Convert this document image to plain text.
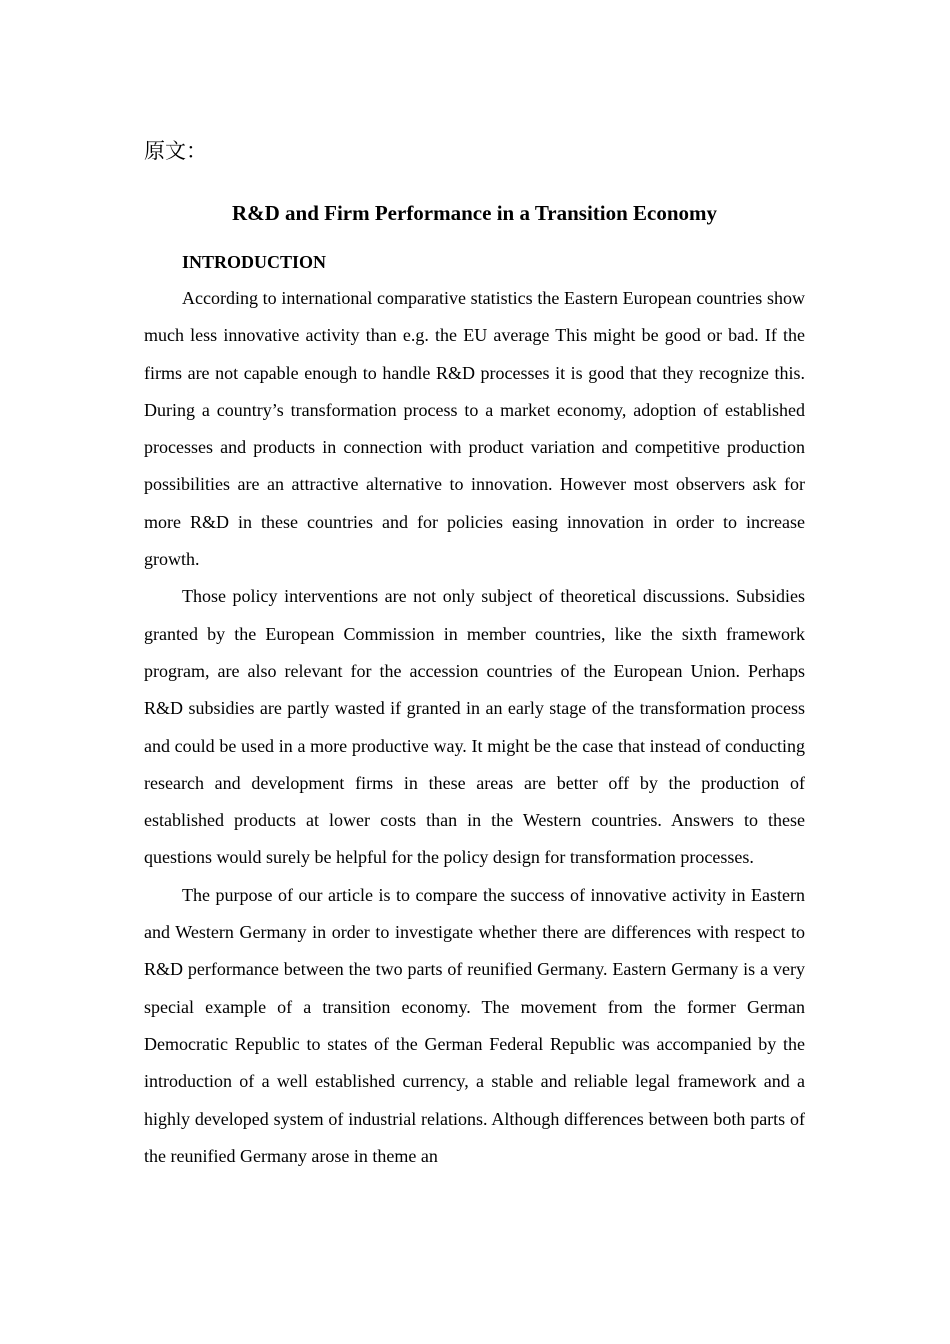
原文：
R&D and Firm Performance in a Transition Economy
INTRODUCTION

According to international comparative statistics the Eastern European countries show much less innovative activity than e.g. the EU average This might be good or bad. If the firms are not capable enough to handle R&D processes it is good that they recognize this. During a country’s transformation process to a market economy, adoption of established processes and products in connection with product variation and competitive production possibilities are an attractive alternative to innovation. However most observers ask for more R&D in these countries and for policies easing innovation in order to increase growth.

Those policy interventions are not only subject of theoretical discussions. Subsidies granted by the European Commission in member countries, like the sixth framework program, are also relevant for the accession countries of the European Union. Perhaps R&D subsidies are partly wasted if granted in an early stage of the transformation process and could be used in a more productive way. It might be the case that instead of conducting research and development firms in these areas are better off by the production of established products at lower costs than in the Western countries. Answers to these questions would surely be helpful for the policy design for transformation processes.

The purpose of our article is to compare the success of innovative activity in Eastern and Western Germany in order to investigate whether there are differences with respect to R&D performance between the two parts of reunified Germany. Eastern Germany is a very special example of a transition economy. The movement from the former German Democratic Republic to states of the German Federal Republic was accompanied by the introduction of a well established currency, a stable and reliable legal framework and a highly developed system of industrial relations. Although differences between both parts of the reunified Germany arose in theme an
